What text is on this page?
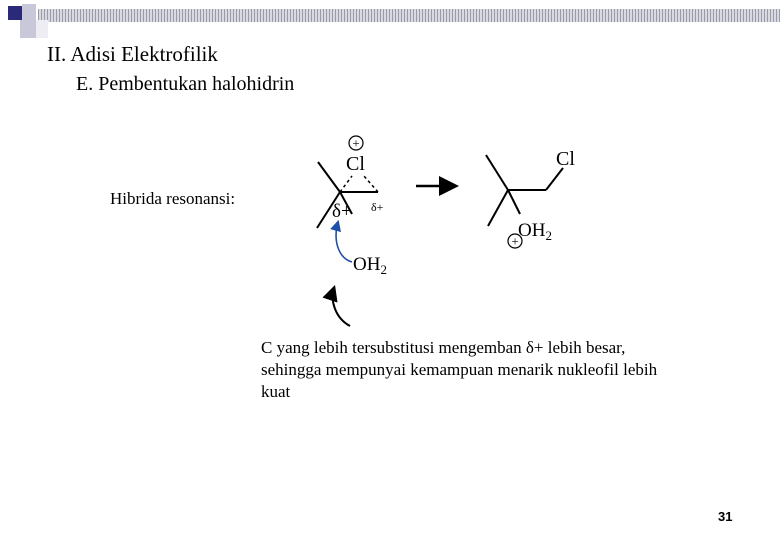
II. Adisi Elektrofilik
E. Pembentukan halohidrin
Hibrida resonansi:
+
Cl
δ+ δ+
$OH_2$
Cl
$OH_2$
+
C yang lebih tersubstitusi mengemban δ+ lebih besar,
sehingga mempunyai kemampuan menarik nukleofil lebih
kuat
31
